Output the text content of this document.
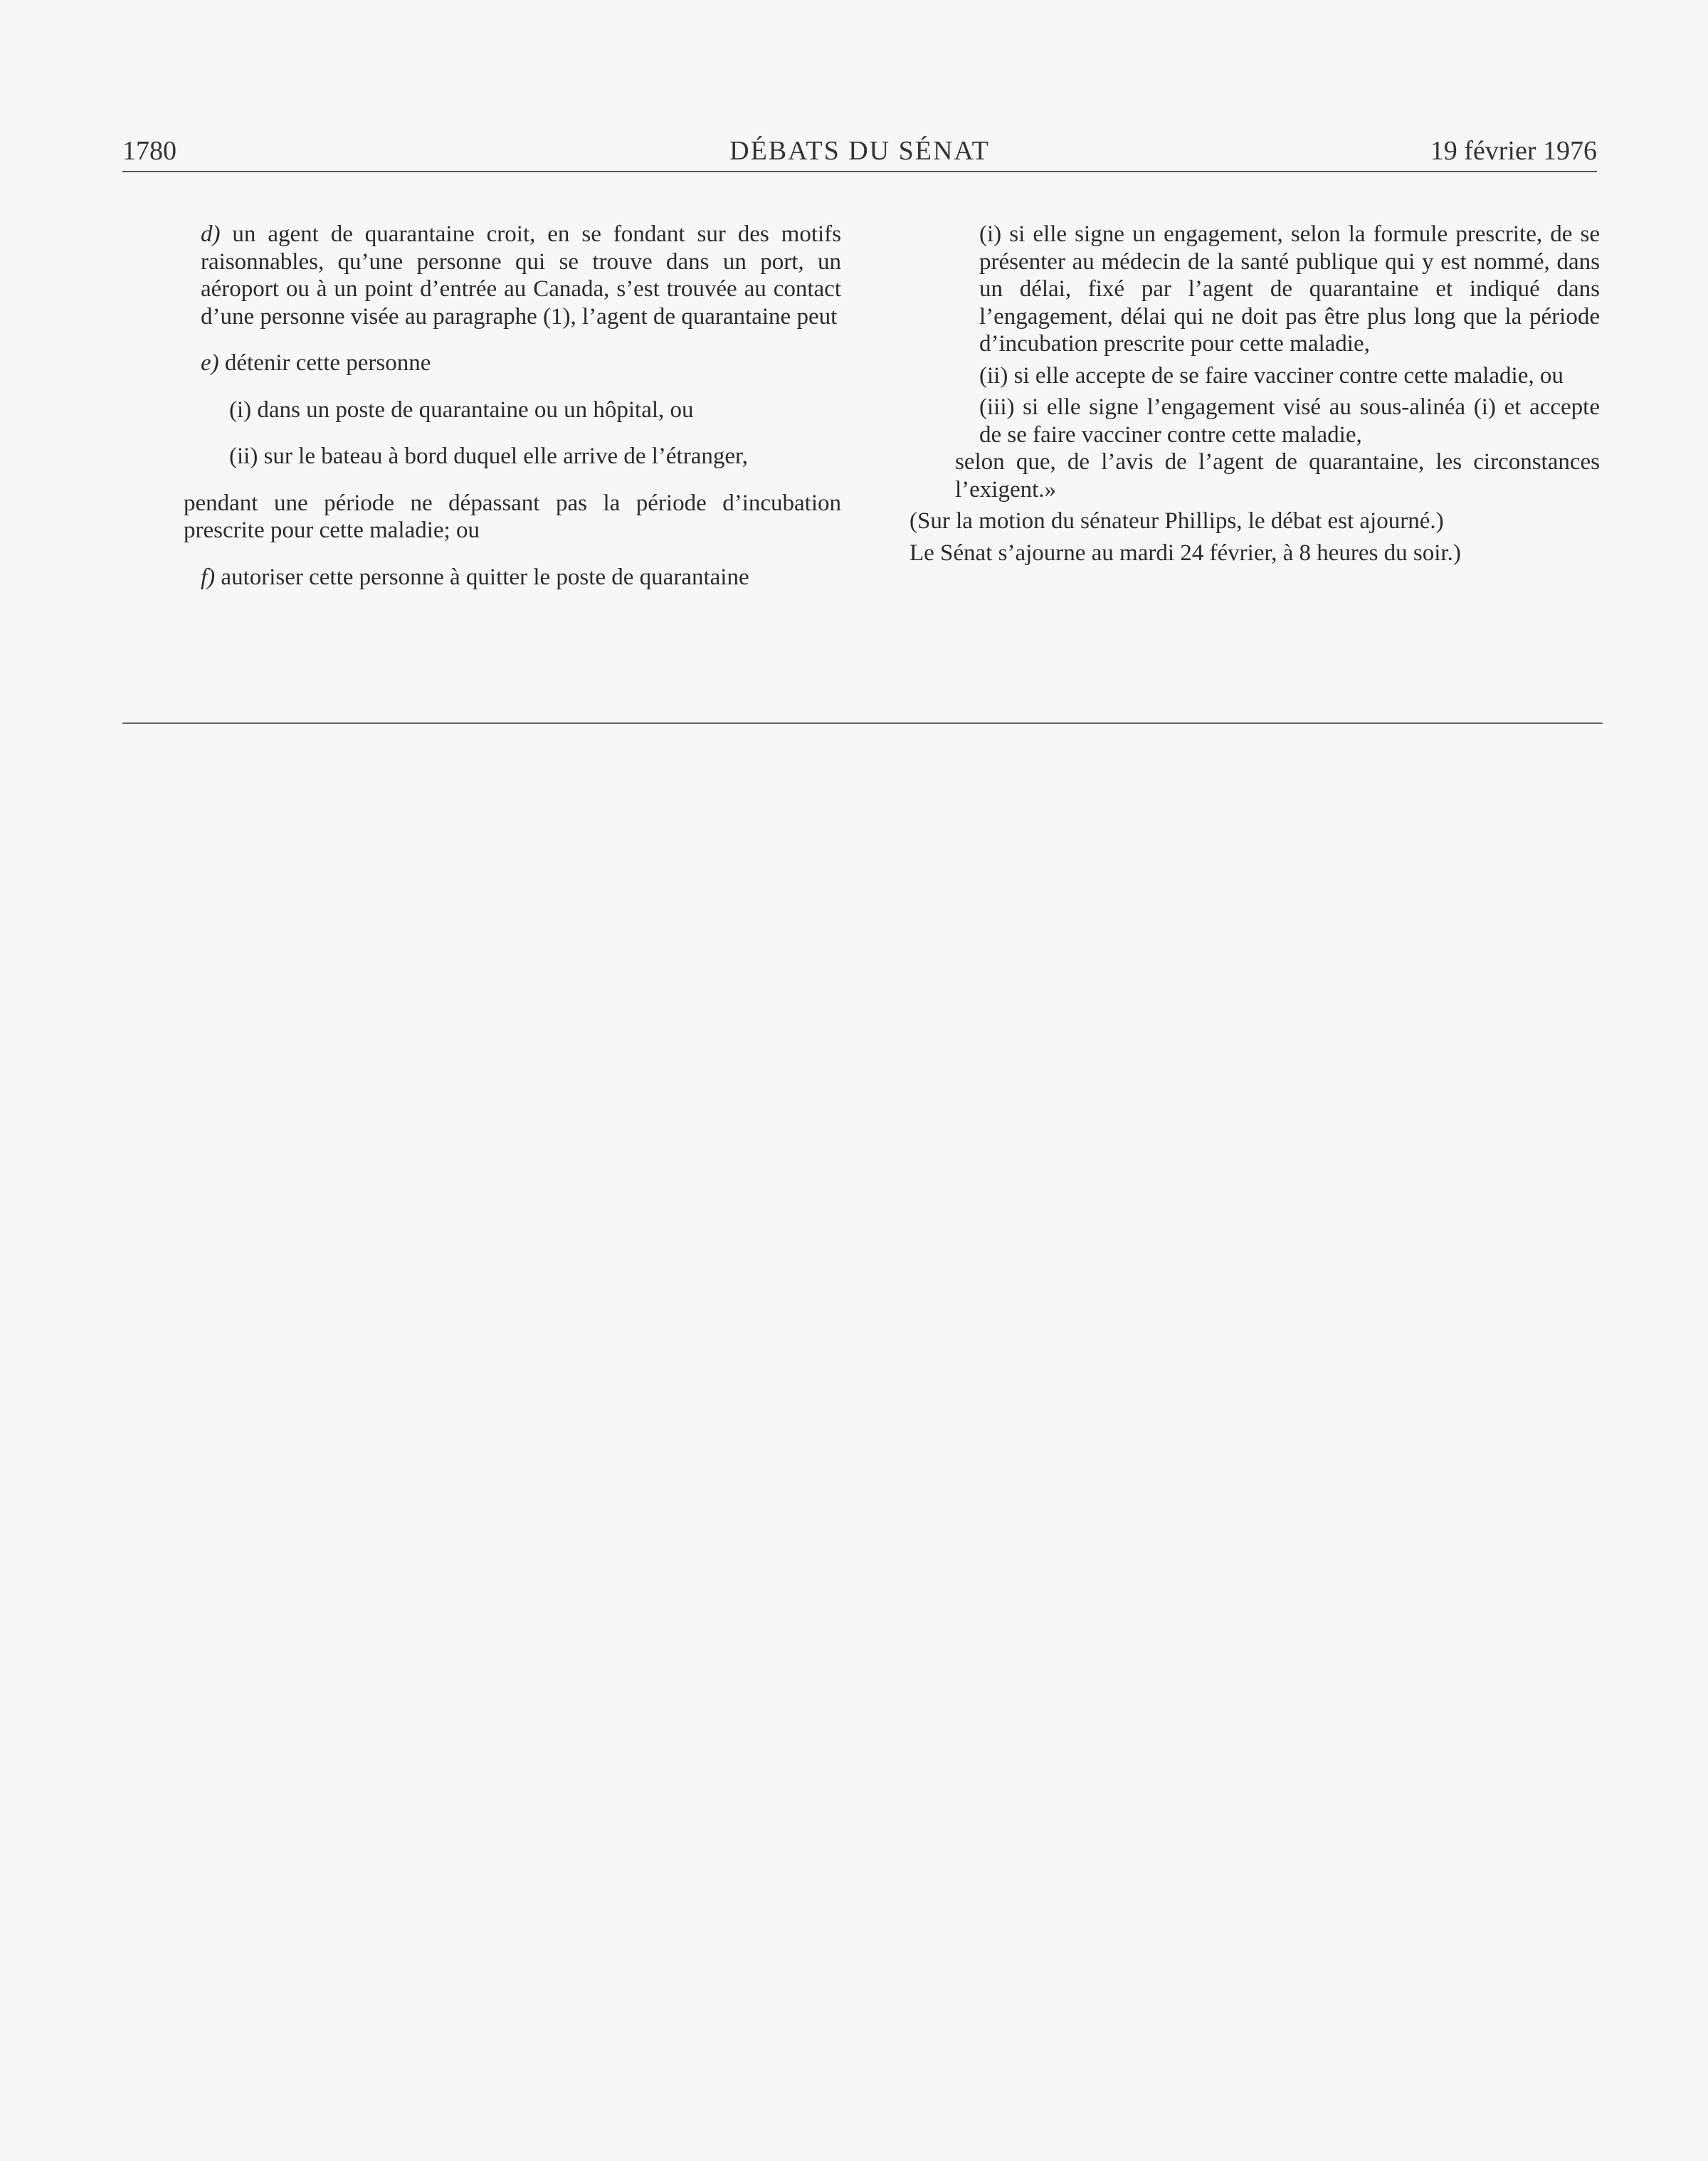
1780	DÉBATS DU SÉNAT	19 février 1976

d) un agent de quarantaine croit, en se fondant sur des motifs raisonnables, qu’une personne qui se trouve dans un port, un aéroport ou à un point d’entrée au Canada, s’est trouvée au contact d’une personne visée au paragraphe (1), l’agent de quarantaine peut

e) détenir cette personne

(i) dans un poste de quarantaine ou un hôpital, ou

(ii) sur le bateau à bord duquel elle arrive de l’étranger,

pendant une période ne dépassant pas la période d’incubation prescrite pour cette maladie; ou

f) autoriser cette personne à quitter le poste de quarantaine

(i) si elle signe un engagement, selon la formule prescrite, de se présenter au médecin de la santé publique qui y est nommé, dans un délai, fixé par l’agent de quarantaine et indiqué dans l’engagement, délai qui ne doit pas être plus long que la période d’incubation prescrite pour cette maladie,

(ii) si elle accepte de se faire vacciner contre cette maladie, ou

(iii) si elle signe l’engagement visé au sous-alinéa (i) et accepte de se faire vacciner contre cette maladie,

selon que, de l’avis de l’agent de quarantaine, les circonstances l’exigent.»

(Sur la motion du sénateur Phillips, le débat est ajourné.)

Le Sénat s’ajourne au mardi 24 février, à 8 heures du soir.)
